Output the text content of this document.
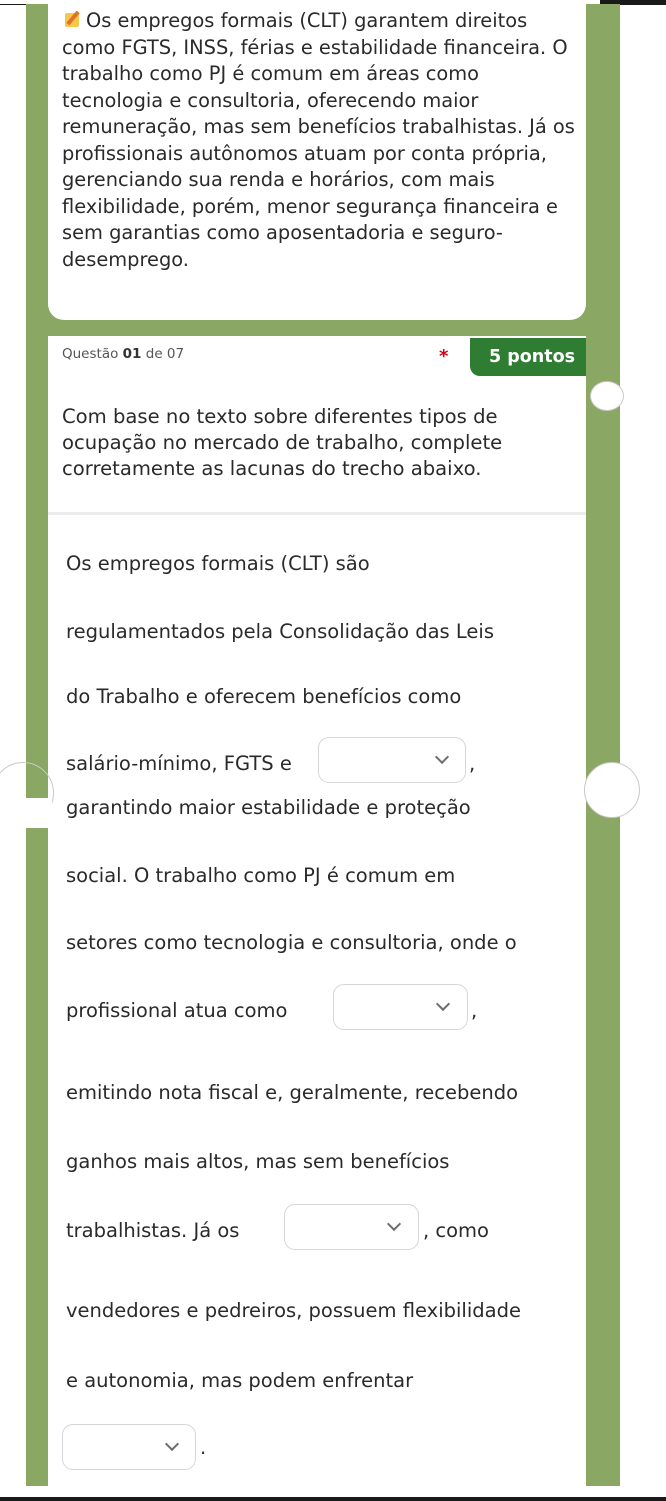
Os empregos formais (CLT) garantem direitos como FGTS, INSS, férias e estabilidade financeira. O trabalho como PJ é comum em áreas como tecnologia e consultoria, oferecendo maior remuneração, mas sem benefícios trabalhistas. Já os profissionais autônomos atuam por conta própria, gerenciando sua renda e horários, com mais flexibilidade, porém, menor segurança financeira e sem garantias como aposentadoria e seguro-desemprego.

Questão 01 de 07	*	5 pontos

Com base no texto sobre diferentes tipos de ocupação no mercado de trabalho, complete corretamente as lacunas do trecho abaixo.

Os empregos formais (CLT) são
regulamentados pela Consolidação das Leis
do Trabalho e oferecem benefícios como
salário-mínimo, FGTS e	,
garantindo maior estabilidade e proteção
social. O trabalho como PJ é comum em
setores como tecnologia e consultoria, onde o
profissional atua como	,
emitindo nota fiscal e, geralmente, recebendo
ganhos mais altos, mas sem benefícios
trabalhistas. Já os	, como
vendedores e pedreiros, possuem flexibilidade
e autonomia, mas podem enfrentar
.
